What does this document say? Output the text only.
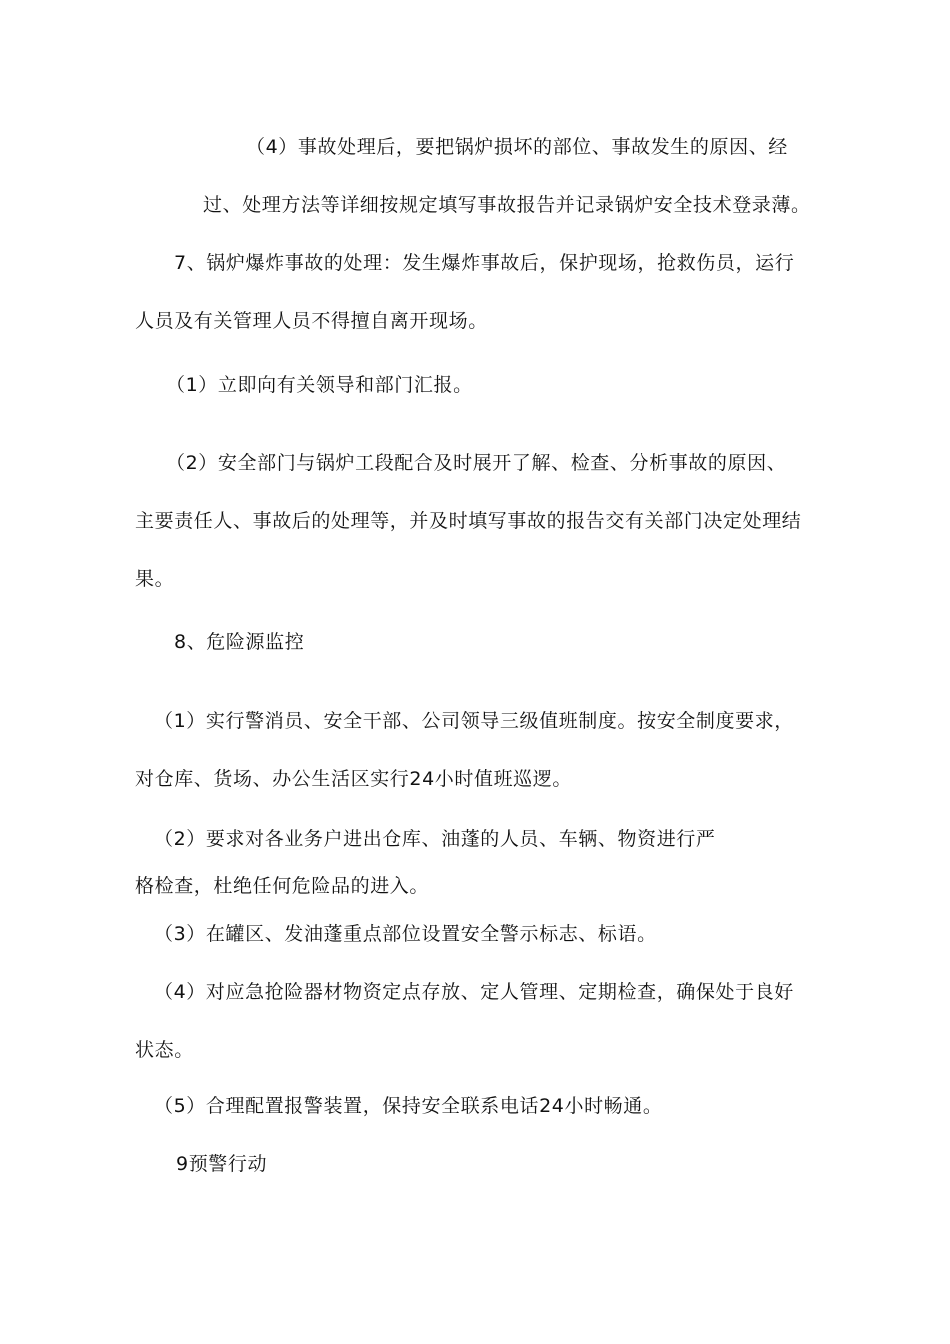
（4）事故处理后，要把锅炉损坏的部位、事故发生的原因、经
过、处理方法等详细按规定填写事故报告并记录锅炉安全技术登录薄。
7、锅炉爆炸事故的处理：发生爆炸事故后，保护现场，抢救伤员，运行
人员及有关管理人员不得擅自离开现场。
（1）立即向有关领导和部门汇报。
（2）安全部门与锅炉工段配合及时展开了解、检查、分析事故的原因、
主要责任人、事故后的处理等，并及时填写事故的报告交有关部门决定处理结
果。
8、危险源监控
（1）实行警消员、安全干部、公司领导三级值班制度。按安全制度要求，
对仓库、货场、办公生活区实行24小时值班巡逻。
（2）要求对各业务户进出仓库、油蓬的人员、车辆、物资进行严
格检查，杜绝任何危险品的进入。
（3）在罐区、发油蓬重点部位设置安全警示标志、标语。
（4）对应急抢险器材物资定点存放、定人管理、定期检查，确保处于良好
状态。
（5）合理配置报警装置，保持安全联系电话24小时畅通。
9预警行动
